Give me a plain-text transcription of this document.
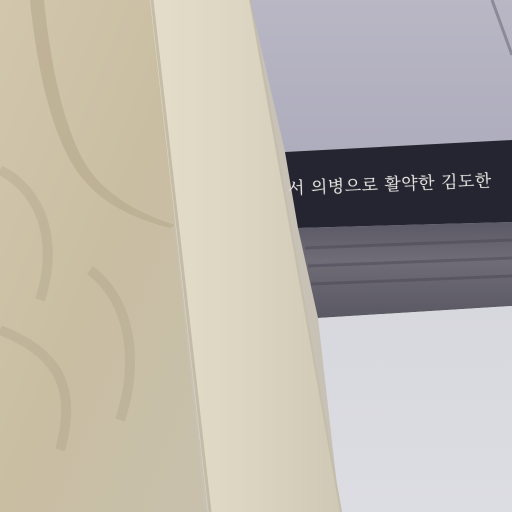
서 의병으로 활약한 김도한
